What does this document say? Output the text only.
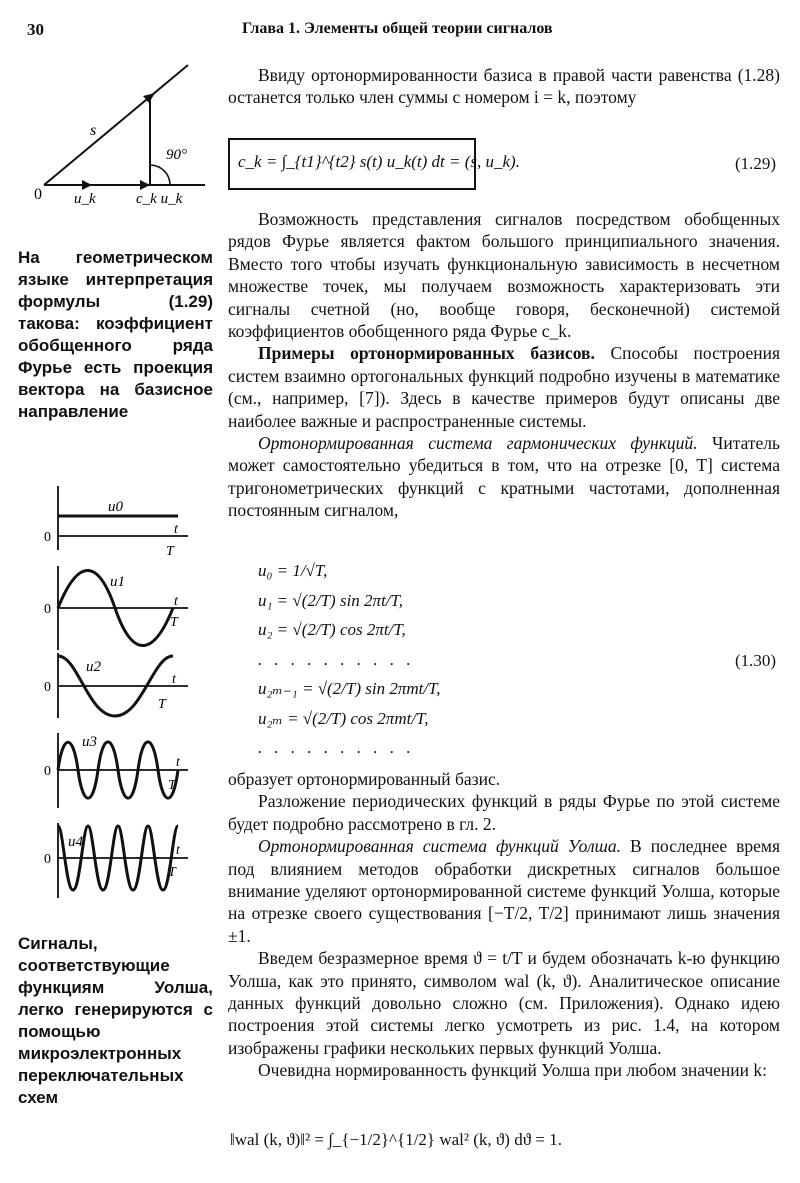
30	Глава 1. Элементы общей теории сигналов
0
s
u_k	c_k u_k
90°
На геометрическом языке интерпретация формулы (1.29) такова: коэффициент обобщенного ряда Фурье есть проекция вектора на базисное направление
u0
0
t
T
u1
0
t
T
u2
0
t
T
u3
0
t
T
u4
0
t
T
Сигналы, соответствующие функциям Уолша, легко генерируются с помощью микроэлектронных переключательных схем

Ввиду ортонормированности базиса в правой части равенства (1.28) останется только член суммы с номером i = k, поэтому

c_k = ∫_{t1}^{t2} s(t) u_k(t) dt = (s, u_k).	(1.29)

Возможность представления сигналов посредством обобщенных рядов Фурье является фактом большого принципиального значения. Вместо того чтобы изучать функциональную зависимость в несчетном множестве точек, мы получаем возможность характеризовать эти сигналы счетной (но, вообще говоря, бесконечной) системой коэффициентов обобщенного ряда Фурье c_k.

Примеры ортонормированных базисов. Способы построения систем взаимно ортогональных функций подробно изучены в математике (см., например, [7]). Здесь в качестве примеров будут описаны две наиболее важные и распространенные системы.

Ортонормированная система гармонических функций. Читатель может самостоятельно убедиться в том, что на отрезке [0, T] система тригонометрических функций с кратными частотами, дополненная постоянным сигналом,

u₀ = 1/√T,
u₁ = √(2/T) sin 2πt/T,
u₂ = √(2/T) cos 2πt/T,
. . . . . . . . . .
u₂ₘ₋₁ = √(2/T) sin 2πmt/T,
u₂ₘ = √(2/T) cos 2πmt/T,
. . . . . . . . . .
(1.30)

образует ортонормированный базис.

Разложение периодических функций в ряды Фурье по этой системе будет подробно рассмотрено в гл. 2.

Ортонормированная система функций Уолша. В последнее время под влиянием методов обработки дискретных сигналов большое внимание уделяют ортонормированной системе функций Уолша, которые на отрезке своего существования [−T/2, T/2] принимают лишь значения ±1.

Введем безразмерное время ϑ = t/T и будем обозначать k-ю функцию Уолша, как это принято, символом wal (k, ϑ). Аналитическое описание данных функций довольно сложно (см. Приложения). Однако идею построения этой системы легко усмотреть из рис. 1.4, на котором изображены графики нескольких первых функций Уолша.

Очевидна нормированность функций Уолша при любом значении k:

‖wal (k, ϑ)‖² = ∫_{−1/2}^{1/2} wal² (k, ϑ) dϑ = 1.
